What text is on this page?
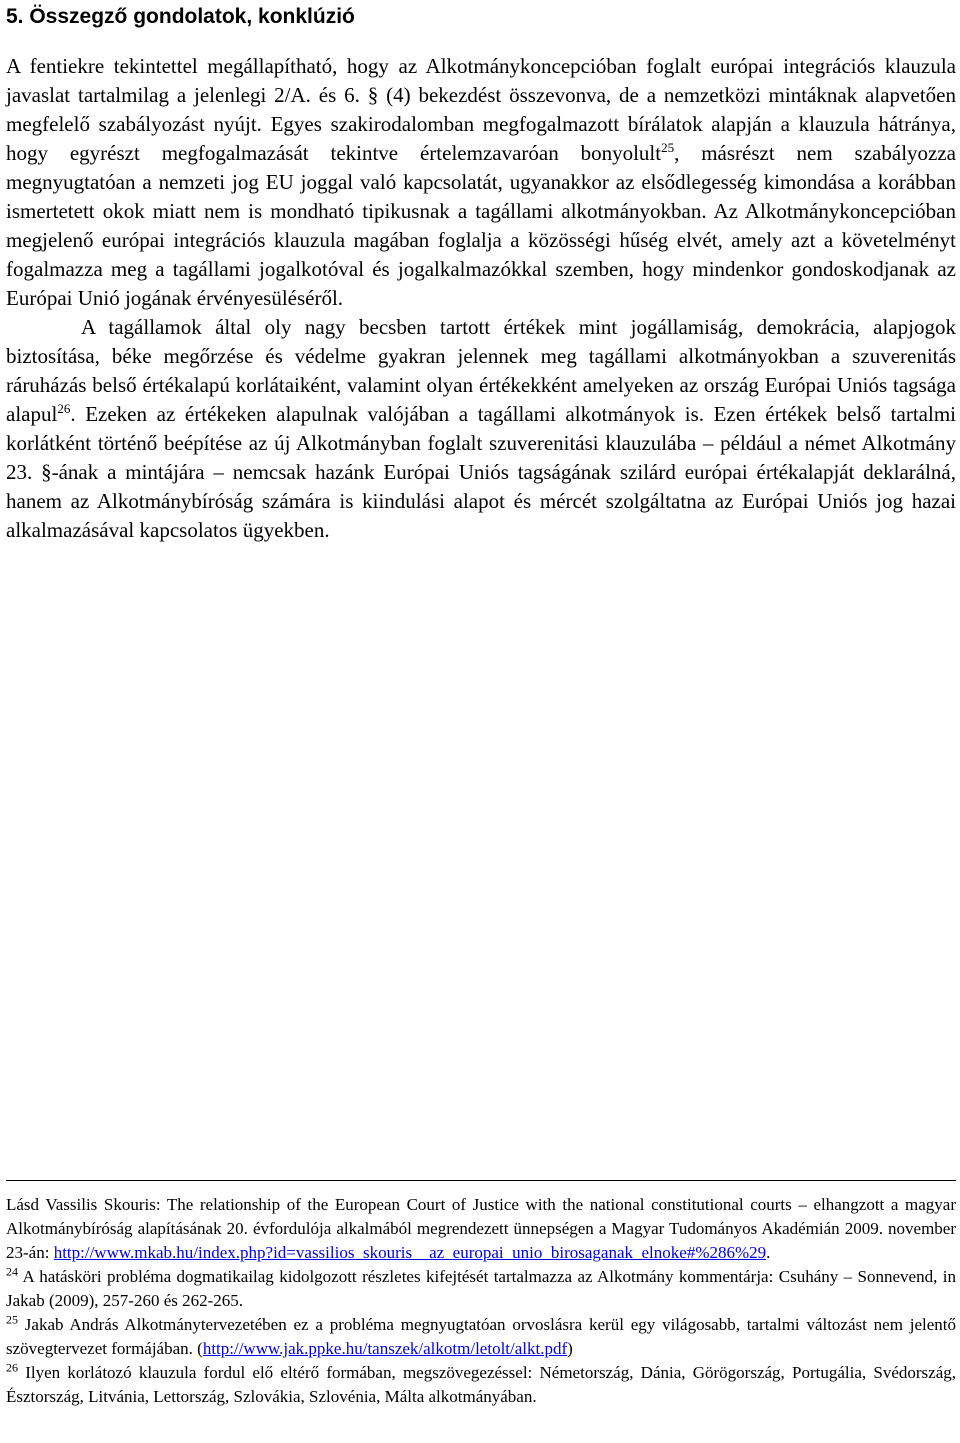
5. Összegző gondolatok, konklúzió

A fentiekre tekintettel megállapítható, hogy az Alkotmánykoncepcióban foglalt európai integrációs klauzula javaslat tartalmilag a jelenlegi 2/A. és 6. § (4) bekezdést összevonva, de a nemzetközi mintáknak alapvetően megfelelő szabályozást nyújt. Egyes szakirodalomban megfogalmazott bírálatok alapján a klauzula hátránya, hogy egyrészt megfogalmazását tekintve értelemzavaróan bonyolult$^{25}$, másrészt nem szabályozza megnyugtatóan a nemzeti jog EU joggal való kapcsolatát, ugyanakkor az elsődlegesség kimondása a korábban ismertetett okok miatt nem is mondható tipikusnak a tagállami alkotmányokban. Az Alkotmánykoncepcióban megjelenő európai integrációs klauzula magában foglalja a közösségi hűség elvét, amely azt a követelményt fogalmazza meg a tagállami jogalkotóval és jogalkalmazókkal szemben, hogy mindenkor gondoskodjanak az Európai Unió jogának érvényesüléséről.

A tagállamok által oly nagy becsben tartott értékek mint jogállamiság, demokrácia, alapjogok biztosítása, béke megőrzése és védelme gyakran jelennek meg tagállami alkotmányokban a szuverenitás ráruházás belső értékalapú korlátaiként, valamint olyan értékekként amelyeken az ország Európai Uniós tagsága alapul$^{26}$. Ezeken az értékeken alapulnak valójában a tagállami alkotmányok is. Ezen értékek belső tartalmi korlátként történő beépítése az új Alkotmányban foglalt szuverenitási klauzulába – például a német Alkotmány 23. §-ának a mintájára – nemcsak hazánk Európai Uniós tagságának szilárd európai értékalapját deklarálná, hanem az Alkotmánybíróság számára is kiindulási alapot és mércét szolgáltatna az Európai Uniós jog hazai alkalmazásával kapcsolatos ügyekben.

Lásd Vassilis Skouris: The relationship of the European Court of Justice with the national constitutional courts – elhangzott a magyar Alkotmánybíróság alapításának 20. évfordulója alkalmából megrendezett ünnepségen a Magyar Tudományos Akadémián 2009. november 23-án: http://www.mkab.hu/index.php?id=vassilios_skouris__az_europai_unio_birosaganak_elnoke#%286%29.

$^{24}$ A hatásköri probléma dogmatikailag kidolgozott részletes kifejtését tartalmazza az Alkotmány kommentárja: Csuhány – Sonnevend, in Jakab (2009), 257-260 és 262-265.

$^{25}$ Jakab András Alkotmánytervezetében ez a probléma megnyugtatóan orvoslásra kerül egy világosabb, tartalmi változást nem jelentő szövegtervezet formájában. (http://www.jak.ppke.hu/tanszek/alkotm/letolt/alkt.pdf)

$^{26}$ Ilyen korlátozó klauzula fordul elő eltérő formában, megszövegezéssel: Németország, Dánia, Görögország, Portugália, Svédország, Észtország, Litvánia, Lettország, Szlovákia, Szlovénia, Málta alkotmányában.
